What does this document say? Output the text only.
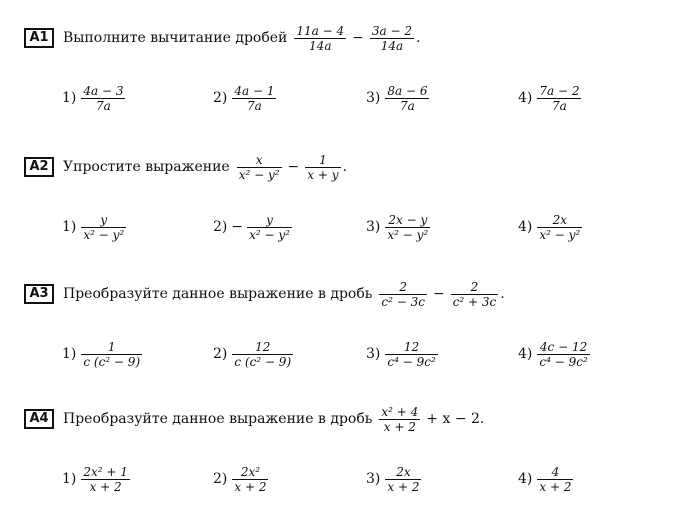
А1	Выполните вычитание дробей $\frac{11a - 4}{14a} - \frac{3a - 2}{14a}$ .
$1) \frac{4a - 3}{7a}$	$2) \frac{4a - 1}{7a}$	$3) \frac{8a - 6}{7a}$	$4) \frac{7a - 2}{7a}$
А2	Упростите выражение $\frac{x}{\text{x² − y²}} - \frac{1}{x + y}$ .
$1) \frac{y}{\text{x² − y²}}$	$2) - \frac{y}{\text{x² − y²}}$	$3) \frac{2x - y}{\text{x² − y²}}$	$4) \frac{2x}{\text{x² − y²}}$
А3	Преобразуйте данное выражение в дробь $\frac{2}{\text{c² − 3c}} - \frac{2}{\text{c² + 3c}}$ .
$1) \frac{1}{\text{c (c² − 9)}}$	$2) \frac{12}{\text{c (c² − 9)}}$	$3) \frac{12}{\text{c⁴ − 9c²}}$	$4) \frac{4c - 12}{\text{c⁴ − 9c²}}$
А4	Преобразуйте данное выражение в дробь $\frac{\text{x² + 4}}{x + 2} + x - 2$.
$1) \frac{\text{2x² + 1}}{x + 2}$	$2) \frac{\text{2x²}}{x + 2}$	$3) \frac{2x}{x + 2}$	$4) \frac{4}{x + 2}$
